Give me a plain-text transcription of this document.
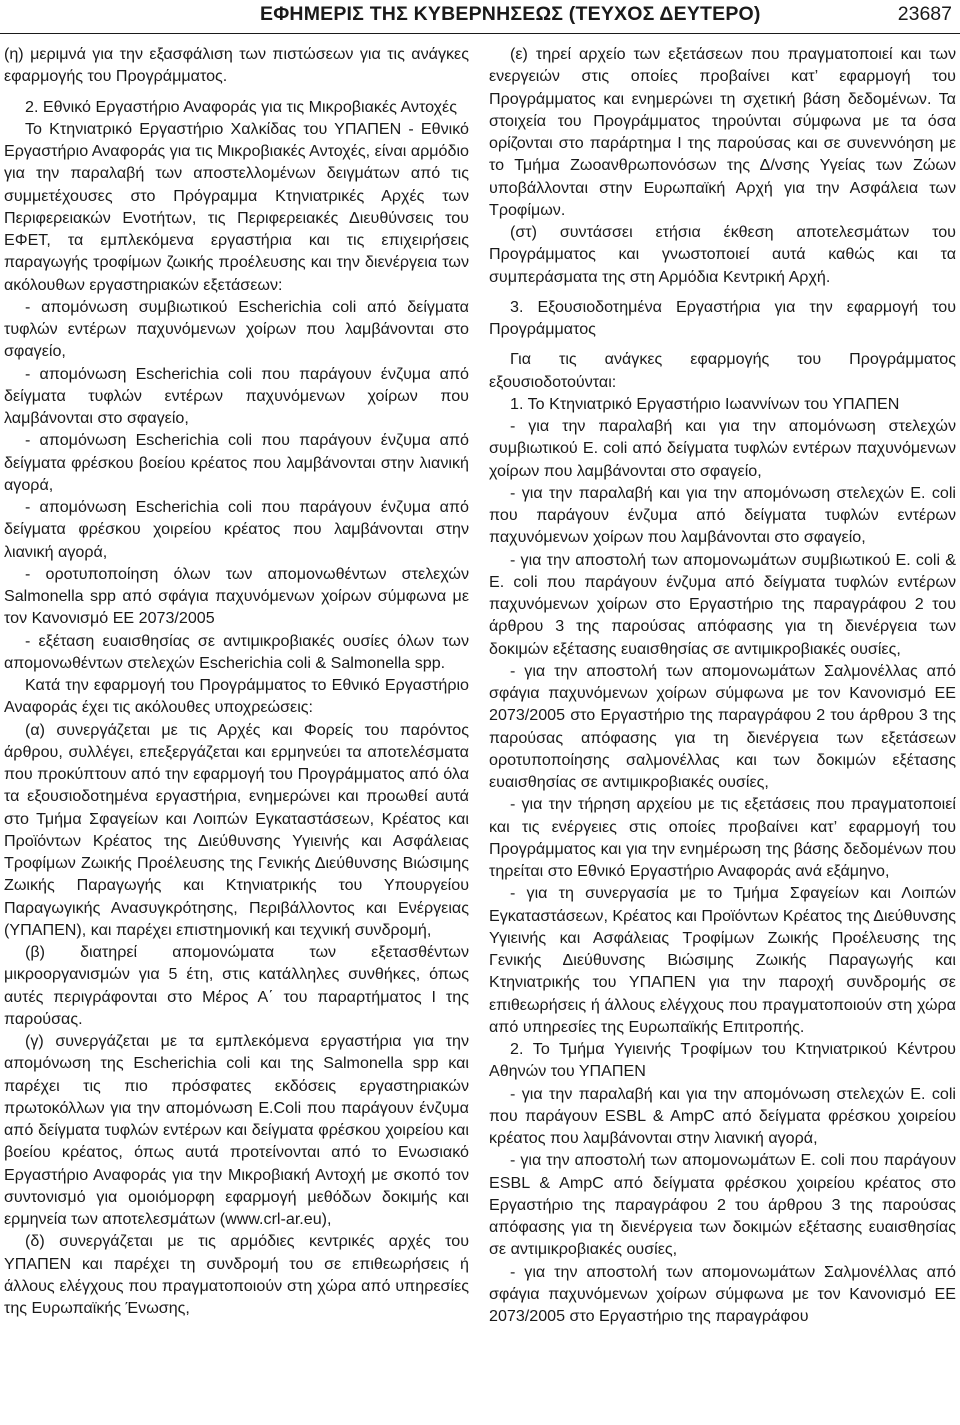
ΕΦΗΜΕΡΙΣ ΤΗΣ ΚΥΒΕΡΝΗΣΕΩΣ (ΤΕΥΧΟΣ ΔΕΥΤΕΡΟ)	23687

(η) μεριμνά για την εξασφάλιση των πιστώσεων για τις ανάγκες εφαρμογής του Προγράμματος.

2. Εθνικό Εργαστήριο Αναφοράς για τις Μικροβιακές Αντοχές

Το Κτηνιατρικό Εργαστήριο Χαλκίδας του ΥΠΑΠΕΝ - Εθνικό Εργαστήριο Αναφοράς για τις Μικροβιακές Αντοχές, είναι αρμόδιο για την παραλαβή των αποστελλομένων δειγμάτων από τις συμμετέχουσες στο Πρόγραμμα Κτηνιατρικές Αρχές των Περιφερειακών Ενοτήτων, τις Περιφερειακές Διευθύνσεις του ΕΦΕΤ, τα εμπλεκόμενα εργαστήρια και τις επιχειρήσεις παραγωγής τροφίμων ζωικής προέλευσης και την διενέργεια των ακόλουθων εργαστηριακών εξετάσεων:

- απομόνωση συμβιωτικού Escherichia coli από δείγματα τυφλών εντέρων παχυνόμενων χοίρων που λαμβάνονται στο σφαγείο,

- απομόνωση Escherichia coli που παράγουν ένζυμα από δείγματα τυφλών εντέρων παχυνόμενων χοίρων που λαμβάνονται στο σφαγείο,

- απομόνωση Escherichia coli που παράγουν ένζυμα από δείγματα φρέσκου βοείου κρέατος που λαμβάνονται στην λιανική αγορά,

- απομόνωση Escherichia coli που παράγουν ένζυμα από δείγματα φρέσκου χοιρείου κρέατος που λαμβάνονται στην λιανική αγορά,

- οροτυποποίηση όλων των απομονωθέντων στελεχών Salmonella spp από σφάγια παχυνόμενων χοίρων σύμφωνα με τον Κανονισμό ΕΕ 2073/2005

- εξέταση ευαισθησίας σε αντιμικροβιακές ουσίες όλων των απομονωθέντων στελεχών Escherichia coli & Salmonella spp.

Κατά την εφαρμογή του Προγράμματος το Εθνικό Εργαστήριο Αναφοράς έχει τις ακόλουθες υποχρεώσεις:

(α) συνεργάζεται με τις Αρχές και Φορείς του παρόντος άρθρου, συλλέγει, επεξεργάζεται και ερμηνεύει τα αποτελέσματα που προκύπτουν από την εφαρμογή του Προγράμματος από όλα τα εξουσιοδοτημένα εργαστήρια, ενημερώνει και προωθεί αυτά στο Τμήμα Σφαγείων και Λοιπών Εγκαταστάσεων, Κρέατος και Προϊόντων Κρέατος της Διεύθυνσης Υγιεινής και Ασφάλειας Τροφίμων Ζωικής Προέλευσης της Γενικής Διεύθυνσης Βιώσιμης Ζωικής Παραγωγής και Κτηνιατρικής του Υπουργείου Παραγωγικής Ανασυγκρότησης, Περιβάλλοντος και Ενέργειας (ΥΠΑΠΕΝ), και παρέχει επιστημονική και τεχνική συνδρομή,

(β) διατηρεί απομονώματα των εξετασθέντων μικροοργανισμών για 5 έτη, στις κατάλληλες συνθήκες, όπως αυτές περιγράφονται στο Μέρος Α΄ του παραρτήματος Ι της παρούσας.

(γ) συνεργάζεται με τα εμπλεκόμενα εργαστήρια για την απομόνωση της Escherichia coli και της Salmonella spp και παρέχει τις πιο πρόσφατες εκδόσεις εργαστηριακών πρωτοκόλλων για την απομόνωση E.Coli που παράγουν ένζυμα από δείγματα τυφλών εντέρων και δείγματα φρέσκου χοιρείου και βοείου κρέατος, όπως αυτά προτείνονται από το Ενωσιακό Εργαστήριο Αναφοράς για την Μικροβιακή Αντοχή με σκοπό τον συντονισμό για ομοιόμορφη εφαρμογή μεθόδων δοκιμής και ερμηνεία των αποτελεσμάτων (www.crl-ar.eu),

(δ) συνεργάζεται με τις αρμόδιες κεντρικές αρχές του ΥΠΑΠΕΝ και παρέχει τη συνδρομή του σε επιθεωρήσεις ή άλλους ελέγχους που πραγματοποιούν στη χώρα από υπηρεσίες της Ευρωπαϊκής Ένωσης,

(ε) τηρεί αρχείο των εξετάσεων που πραγματοποιεί και των ενεργειών στις οποίες προβαίνει κατ’ εφαρμογή του Προγράμματος και ενημερώνει τη σχετική βάση δεδομένων. Τα στοιχεία του Προγράμματος τηρούνται σύμφωνα με τα όσα ορίζονται στο παράρτημα Ι της παρούσας και σε συνεννόηση με το Τμήμα Ζωοανθρωπονόσων της Δ/νσης Υγείας των Ζώων υποβάλλονται στην Ευρωπαϊκή Αρχή για την Ασφάλεια των Τροφίμων.

(στ) συντάσσει ετήσια έκθεση αποτελεσμάτων του Προγράμματος και γνωστοποιεί αυτά καθώς και τα συμπεράσματα της στη Αρμόδια Κεντρική Αρχή.

3. Εξουσιοδοτημένα Εργαστήρια για την εφαρμογή του Προγράμματος

Για τις ανάγκες εφαρμογής του Προγράμματος εξουσιοδοτούνται:

1. Το Κτηνιατρικό Εργαστήριο Ιωαννίνων του ΥΠΑΠΕΝ

- για την παραλαβή και για την απομόνωση στελεχών συμβιωτικού E. coli από δείγματα τυφλών εντέρων παχυνόμενων χοίρων που λαμβάνονται στο σφαγείο,

- για την παραλαβή και για την απομόνωση στελεχών E. coli που παράγουν ένζυμα από δείγματα τυφλών εντέρων παχυνόμενων χοίρων που λαμβάνονται στο σφαγείο,

- για την αποστολή των απομονωμάτων συμβιωτικού E. coli & E. coli που παράγουν ένζυμα από δείγματα τυφλών εντέρων παχυνόμενων χοίρων στο Εργαστήριο της παραγράφου 2 του άρθρου 3 της παρούσας απόφασης για τη διενέργεια των δοκιμών εξέτασης ευαισθησίας σε αντιμικροβιακές ουσίες,

- για την αποστολή των απομονωμάτων Σαλμονέλλας από σφάγια παχυνόμενων χοίρων σύμφωνα με τον Κανονισμό ΕΕ 2073/2005 στο Εργαστήριο της παραγράφου 2 του άρθρου 3 της παρούσας απόφασης για τη διενέργεια των εξετάσεων οροτυποποίησης σαλμονέλλας και των δοκιμών εξέτασης ευαισθησίας σε αντιμικροβιακές ουσίες,

- για την τήρηση αρχείου με τις εξετάσεις που πραγματοποιεί και τις ενέργειες στις οποίες προβαίνει κατ’ εφαρμογή του Προγράμματος και για την ενημέρωση της βάσης δεδομένων που τηρείται στο Εθνικό Εργαστήριο Αναφοράς ανά εξάμηνο,

- για τη συνεργασία με το Τμήμα Σφαγείων και Λοιπών Εγκαταστάσεων, Κρέατος και Προϊόντων Κρέατος της Διεύθυνσης Υγιεινής και Ασφάλειας Τροφίμων Ζωικής Προέλευσης της Γενικής Διεύθυνσης Βιώσιμης Ζωικής Παραγωγής και Κτηνιατρικής του ΥΠΑΠΕΝ για την παροχή συνδρομής σε επιθεωρήσεις ή άλλους ελέγχους που πραγματοποιούν στη χώρα από υπηρεσίες της Ευρωπαϊκής Επιτροπής.

2. Το Τμήμα Υγιεινής Τροφίμων του Κτηνιατρικού Κέντρου Αθηνών του ΥΠΑΠΕΝ

- για την παραλαβή και για την απομόνωση στελεχών E. coli που παράγουν ESBL & AmpC από δείγματα φρέσκου χοιρείου κρέατος που λαμβάνονται στην λιανική αγορά,

- για την αποστολή των απομονωμάτων E. coli που παράγουν ESBL & AmpC από δείγματα φρέσκου χοιρείου κρέατος στο Εργαστήριο της παραγράφου 2 του άρθρου 3 της παρούσας απόφασης για τη διενέργεια των δοκιμών εξέτασης ευαισθησίας σε αντιμικροβιακές ουσίες,

- για την αποστολή των απομονωμάτων Σαλμονέλλας από σφάγια παχυνόμενων χοίρων σύμφωνα με τον Κανονισμό ΕΕ 2073/2005 στο Εργαστήριο της παραγράφου
